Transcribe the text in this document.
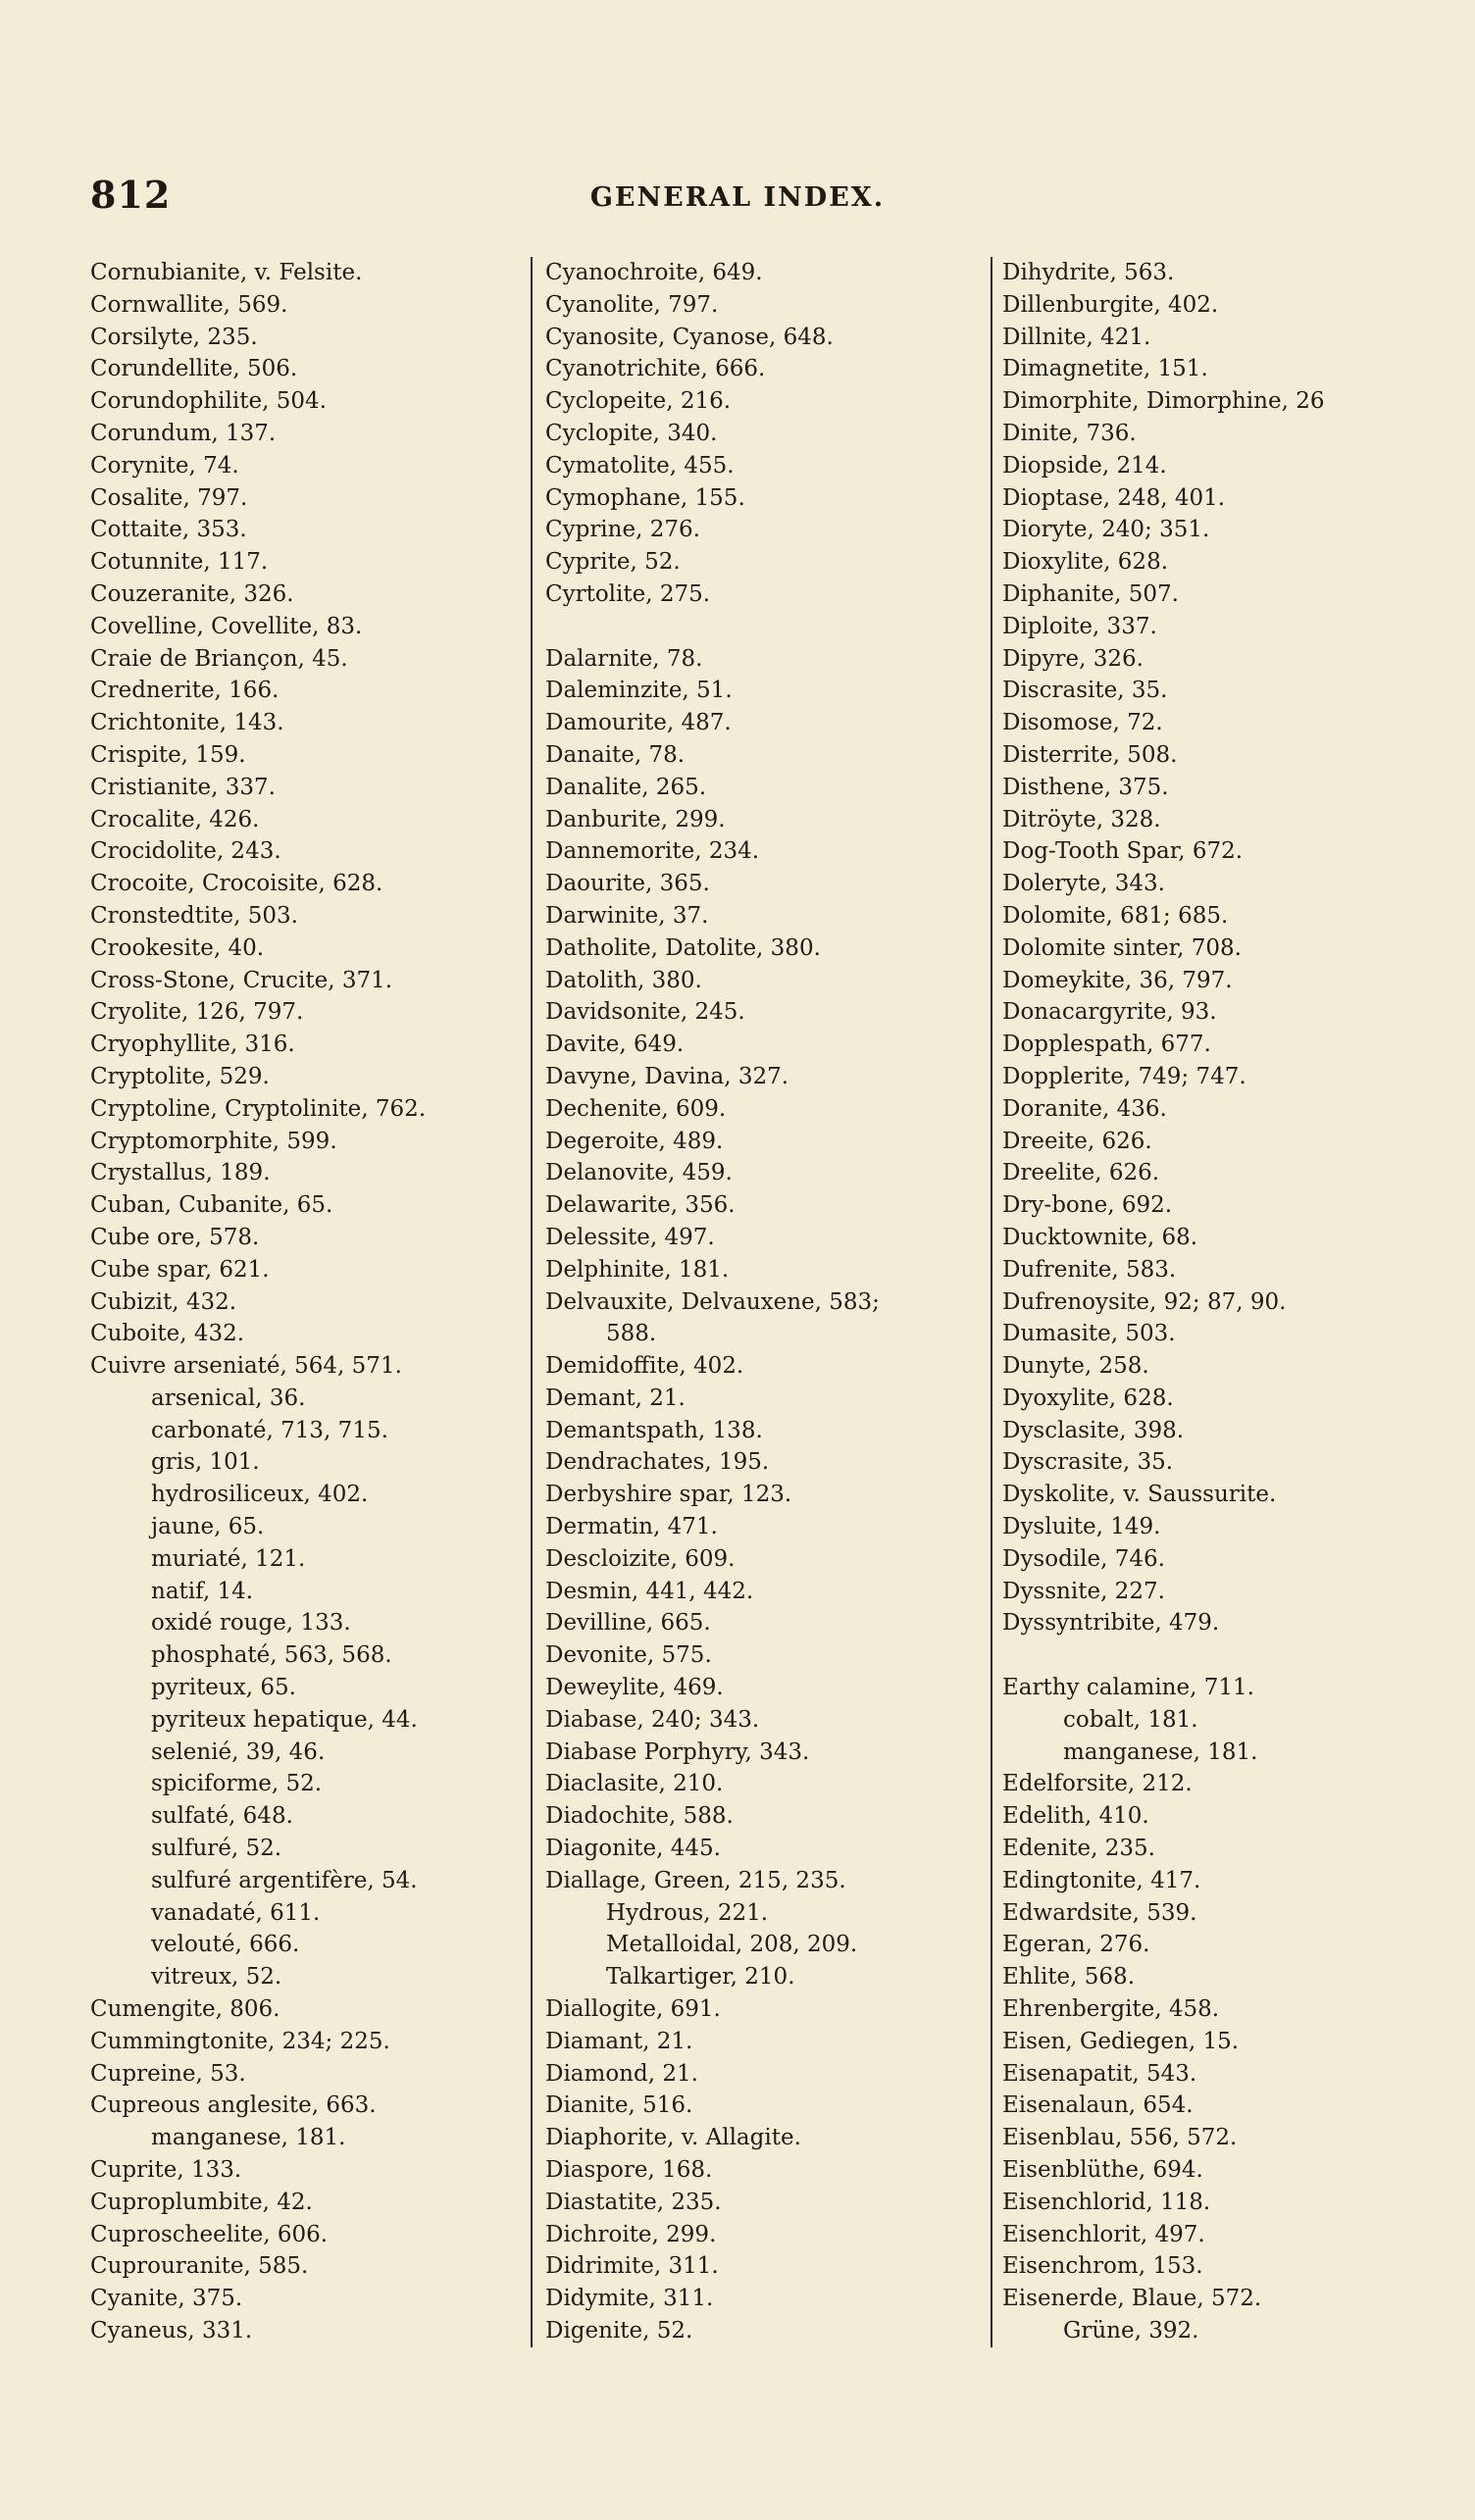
812	GENERAL INDEX.
Cornubianite, v. Felsite.
Cornwallite, 569.
Corsilyte, 235.
Corundellite, 506.
Corundophilite, 504.
Corundum, 137.
Corynite, 74.
Cosalite, 797.
Cottaite, 353.
Cotunnite, 117.
Couzeranite, 326.
Covelline, Covellite, 83.
Craie de Briançon, 45.
Crednerite, 166.
Crichtonite, 143.
Crispite, 159.
Cristianite, 337.
Crocalite, 426.
Crocidolite, 243.
Crocoite, Crocoisite, 628.
Cronstedtite, 503.
Crookesite, 40.
Cross-Stone, Crucite, 371.
Cryolite, 126, 797.
Cryophyllite, 316.
Cryptolite, 529.
Cryptoline, Cryptolinite, 762.
Cryptomorphite, 599.
Crystallus, 189.
Cuban, Cubanite, 65.
Cube ore, 578.
Cube spar, 621.
Cubizit, 432.
Cuboite, 432.
Cuivre arseniaté, 564, 571.
arsenical, 36.
carbonaté, 713, 715.
gris, 101.
hydrosiliceux, 402.
jaune, 65.
muriaté, 121.
natif, 14.
oxidé rouge, 133.
phosphaté, 563, 568.
pyriteux, 65.
pyriteux hepatique, 44.
selenié, 39, 46.
spiciforme, 52.
sulfaté, 648.
sulfuré, 52.
sulfuré argentifère, 54.
vanadaté, 611.
velouté, 666.
vitreux, 52.
Cumengite, 806.
Cummingtonite, 234; 225.
Cupreine, 53.
Cupreous anglesite, 663.
manganese, 181.
Cuprite, 133.
Cuproplumbite, 42.
Cuproscheelite, 606.
Cuprouranite, 585.
Cyanite, 375.
Cyaneus, 331.
Cyanochroite, 649.
Cyanolite, 797.
Cyanosite, Cyanose, 648.
Cyanotrichite, 666.
Cyclopeite, 216.
Cyclopite, 340.
Cymatolite, 455.
Cymophane, 155.
Cyprine, 276.
Cyprite, 52.
Cyrtolite, 275.
Dalarnite, 78.
Daleminzite, 51.
Damourite, 487.
Danaite, 78.
Danalite, 265.
Danburite, 299.
Dannemorite, 234.
Daourite, 365.
Darwinite, 37.
Datholite, Datolite, 380.
Datolith, 380.
Davidsonite, 245.
Davite, 649.
Davyne, Davina, 327.
Dechenite, 609.
Degeroite, 489.
Delanovite, 459.
Delawarite, 356.
Delessite, 497.
Delphinite, 181.
Delvauxite, Delvauxene, 583;
588.
Demidoffite, 402.
Demant, 21.
Demantspath, 138.
Dendrachates, 195.
Derbyshire spar, 123.
Dermatin, 471.
Descloizite, 609.
Desmin, 441, 442.
Devilline, 665.
Devonite, 575.
Deweylite, 469.
Diabase, 240; 343.
Diabase Porphyry, 343.
Diaclasite, 210.
Diadochite, 588.
Diagonite, 445.
Diallage, Green, 215, 235.
Hydrous, 221.
Metalloidal, 208, 209.
Talkartiger, 210.
Diallogite, 691.
Diamant, 21.
Diamond, 21.
Dianite, 516.
Diaphorite, v. Allagite.
Diaspore, 168.
Diastatite, 235.
Dichroite, 299.
Didrimite, 311.
Didymite, 311.
Digenite, 52.
Dihydrite, 563.
Dillenburgite, 402.
Dillnite, 421.
Dimagnetite, 151.
Dimorphite, Dimorphine, 26
Dinite, 736.
Diopside, 214.
Dioptase, 248, 401.
Dioryte, 240; 351.
Dioxylite, 628.
Diphanite, 507.
Diploite, 337.
Dipyre, 326.
Discrasite, 35.
Disomose, 72.
Disterrite, 508.
Disthene, 375.
Ditröyte, 328.
Dog-Tooth Spar, 672.
Doleryte, 343.
Dolomite, 681; 685.
Dolomite sinter, 708.
Domeykite, 36, 797.
Donacargyrite, 93.
Dopplespath, 677.
Dopplerite, 749; 747.
Doranite, 436.
Dreeite, 626.
Dreelite, 626.
Dry-bone, 692.
Ducktownite, 68.
Dufrenite, 583.
Dufrenoysite, 92; 87, 90.
Dumasite, 503.
Dunyte, 258.
Dyoxylite, 628.
Dysclasite, 398.
Dyscrasite, 35.
Dyskolite, v. Saussurite.
Dysluite, 149.
Dysodile, 746.
Dyssnite, 227.
Dyssyntribite, 479.
Earthy calamine, 711.
cobalt, 181.
manganese, 181.
Edelforsite, 212.
Edelith, 410.
Edenite, 235.
Edingtonite, 417.
Edwardsite, 539.
Egeran, 276.
Ehlite, 568.
Ehrenbergite, 458.
Eisen, Gediegen, 15.
Eisenapatit, 543.
Eisenalaun, 654.
Eisenblau, 556, 572.
Eisenblüthe, 694.
Eisenchlorid, 118.
Eisenchlorit, 497.
Eisenchrom, 153.
Eisenerde, Blaue, 572.
Grüne, 392.
